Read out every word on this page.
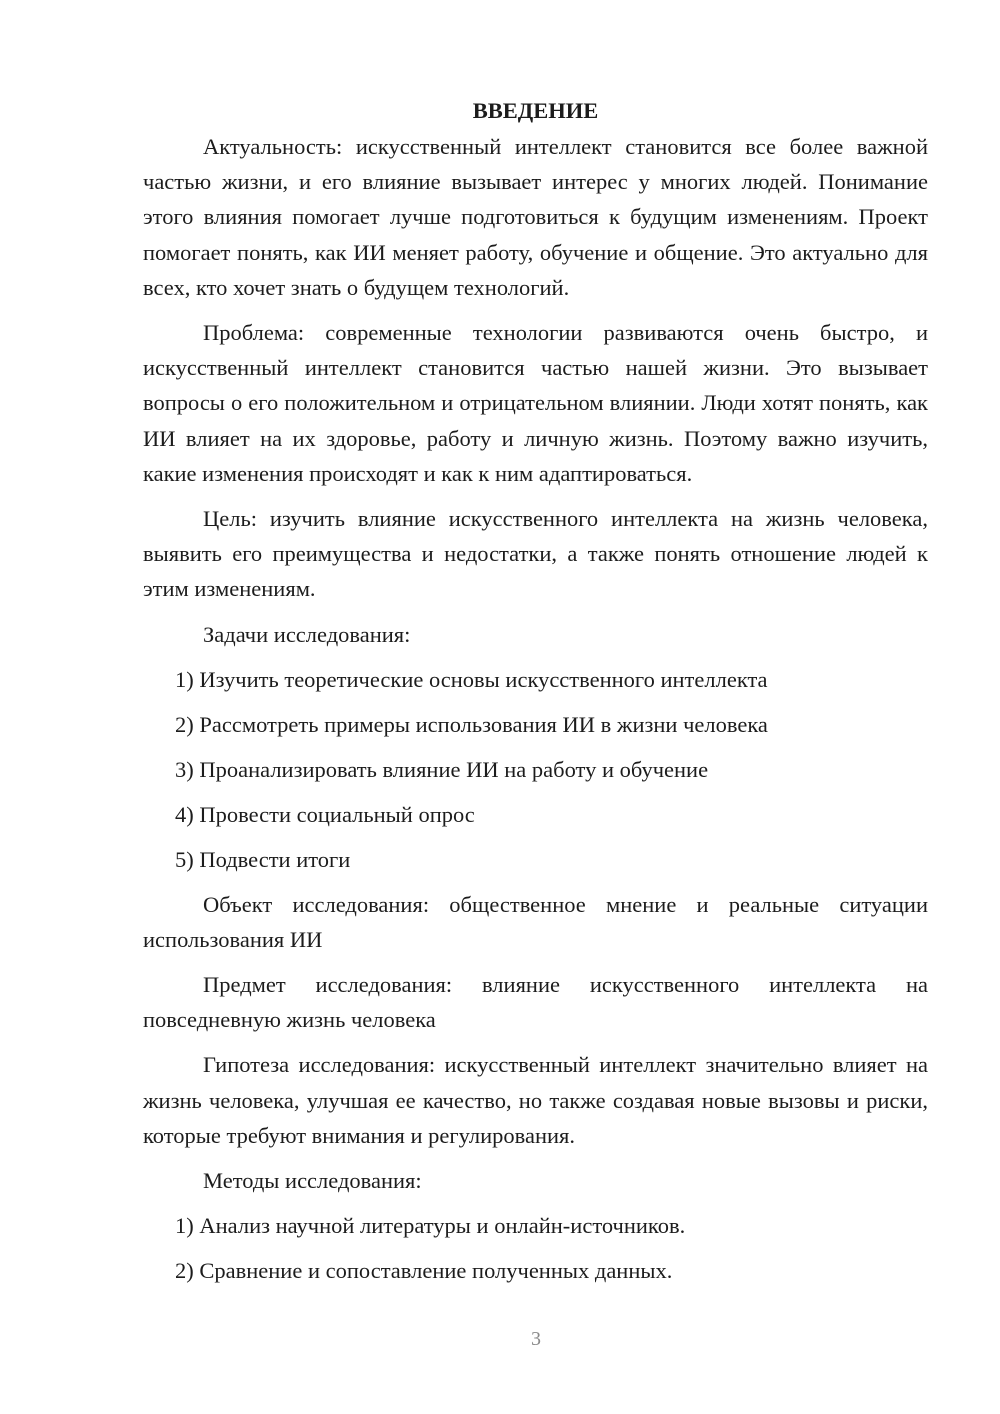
ВВЕДЕНИЕ
Актуальность: искусственный интеллект становится все более важной частью жизни, и его влияние вызывает интерес у многих людей. Понимание этого влияния помогает лучше подготовиться к будущим изменениям. Проект помогает понять, как ИИ меняет работу, обучение и общение. Это актуально для всех, кто хочет знать о будущем технологий.
Проблема: современные технологии развиваются очень быстро, и искусственный интеллект становится частью нашей жизни. Это вызывает вопросы о его положительном и отрицательном влиянии. Люди хотят понять, как ИИ влияет на их здоровье, работу и личную жизнь. Поэтому важно изучить, какие изменения происходят и как к ним адаптироваться.
Цель: изучить влияние искусственного интеллекта на жизнь человека, выявить его преимущества и недостатки, а также понять отношение людей к этим изменениям.
Задачи исследования:
1) Изучить теоретические основы искусственного интеллекта
2) Рассмотреть примеры использования ИИ в жизни человека
3) Проанализировать влияние ИИ на работу и обучение
4) Провести социальный опрос
5) Подвести итоги
Объект исследования: общественное мнение и реальные ситуации использования ИИ
Предмет исследования: влияние искусственного интеллекта на повседневную жизнь человека
Гипотеза исследования: искусственный интеллект значительно влияет на жизнь человека, улучшая ее качество, но также создавая новые вызовы и риски, которые требуют внимания и регулирования.
Методы исследования:
1) Анализ научной литературы и онлайн-источников.
2) Сравнение и сопоставление полученных данных.
3
